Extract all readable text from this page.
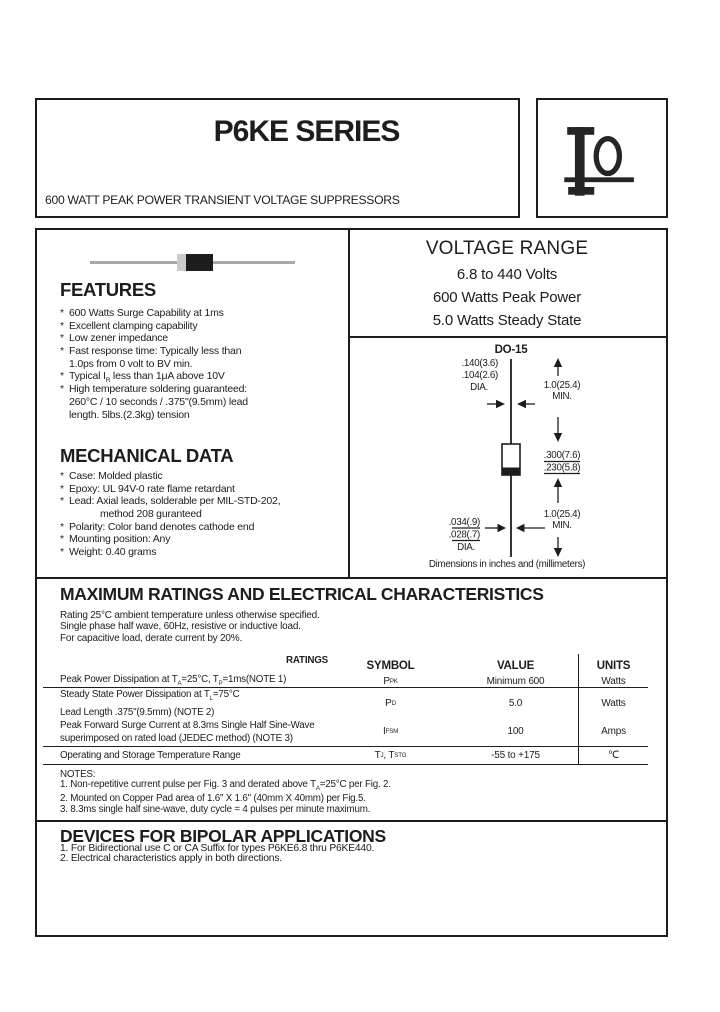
P6KE SERIES
600 WATT PEAK POWER TRANSIENT VOLTAGE SUPPRESSORS
VOLTAGE RANGE
6.8 to 440 Volts
600 Watts Peak Power
5.0 Watts Steady State
FEATURES
* 600 Watts Surge Capability at 1ms
* Excellent clamping capability
* Low zener impedance
* Fast response time: Typically less than
1.0ps from 0 volt to BV min.
* Typical $I_R$ less than 1μA above 10V
* High temperature soldering guaranteed:
260°C / 10 seconds / .375"(9.5mm) lead
length. 5lbs.(2.3kg) tension
MECHANICAL DATA
* Case: Molded plastic
* Epoxy: UL 94V-0 rate flame retardant
* Lead: Axial leads, solderable per MIL-STD-202,
method 208 guranteed
* Polarity: Color band denotes cathode end
* Mounting position: Any
* Weight: 0.40 grams
DO-15
.140(3.6)
.104(2.6)
DIA.	1.0(25.4)
MIN.
.300(7.6)
.230(5.8)
1.0(25.4)
MIN.
.034(.9)
.028(.7)
DIA.
Dimensions in inches and (millimeters)
MAXIMUM RATINGS AND ELECTRICAL CHARACTERISTICS
Rating 25°C ambient temperature unless otherwise specified.
Single phase half wave, 60Hz, resistive or inductive load.
For capacitive load, derate current by 20%.
RATINGS	SYMBOL	VALUE	UNITS
Peak Power Dissipation at $T_A=25^\circ C$, $T_P=1ms(NOTE$ 1)	P PK	Minimum 600	Watts
Steady State Power Dissipation at $T_L=75^\circ C$
Lead Length .375"(9.5mm) (NOTE 2)
P D	5.0	Watts
Peak Forward Surge Current at 8.3ms Single Half Sine-Wave
superimposed on rated load (JEDEC method) (NOTE 3)
I FSM	100	Amps
Operating and Storage Temperature Range	T J , T STG	-55 to +175	℃
NOTES:
1. Non-repetitive current pulse per Fig. 3 and derated above $T_A=25^\circ C$ per Fig. 2.
2. Mounted on Copper Pad area of 1.6" X 1.6" (40mm X 40mm) per Fig.5.
3. 8.3ms single half sine-wave, duty cycle = 4 pulses per minute maximum.
DEVICES FOR BIPOLAR APPLICATIONS
1. For Bidirectional use C or CA Suffix for types P6KE6.8 thru P6KE440.
2. Electrical characteristics apply in both directions.
